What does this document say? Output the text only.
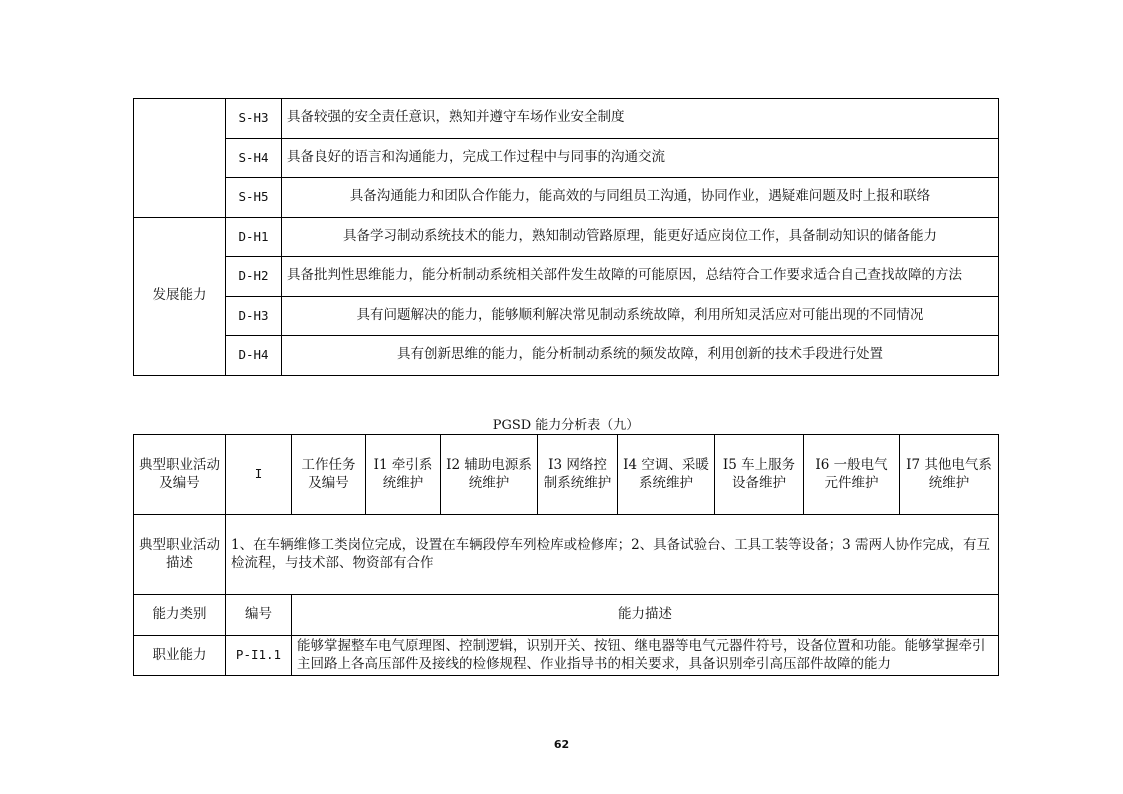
	S-H3	具备较强的安全责任意识，熟知并遵守车场作业安全制度
	S-H4	具备良好的语言和沟通能力，完成工作过程中与同事的沟通交流
	S-H5	具备沟通能力和团队合作能力，能高效的与同组员工沟通，协同作业，遇疑难问题及时上报和联络
发展能力	D-H1	具备学习制动系统技术的能力，熟知制动管路原理，能更好适应岗位工作，具备制动知识的储备能力
	D-H2	具备批判性思维能力，能分析制动系统相关部件发生故障的可能原因，总结符合工作要求适合自己查找故障的方法
	D-H3	具有问题解决的能力，能够顺利解决常见制动系统故障，利用所知灵活应对可能出现的不同情况
	D-H4	具有创新思维的能力，能分析制动系统的频发故障，利用创新的技术手段进行处置
PGSD 能力分析表（九）
典型职业活动及编号	I	工作任务及编号	I1 牵引系统维护	I2 辅助电源系统维护	I3 网络控制系统维护	I4 空调、采暖系统维护	I5 车上服务设备维护	I6 一般电气元件维护	I7 其他电气系统维护
典型职业活动描述	1、在车辆维修工类岗位完成，设置在车辆段停车列检库或检修库；2、具备试验台、工具工装等设备；3 需两人协作完成，有互检流程，与技术部、物资部有合作								
能力类别	编号	能力描述							
职业能力	P-I1.1	能够掌握整车电气原理图、控制逻辑，识别开关、按钮、继电器等电气元器件符号，设备位置和功能。能够掌握牵引主回路上各高压部件及接线的检修规程、作业指导书的相关要求，具备识别牵引高压部件故障的能力							
62
